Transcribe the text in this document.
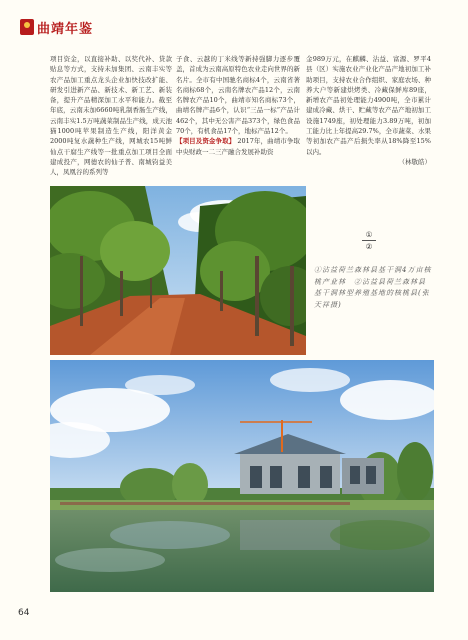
曲靖年鉴

项目资金，以直接补助、以奖代补、贷款贴息等方式，支持未加集团、云南丰实等农产品加工重点龙头企业加快技改扩能、研发引进新产品、新技术、新工艺、新装备，提升产品精深加工水平和能力。截至年底，云南未加6660吨乳制香肠生产线，云南丰实1.5万吨蔬菜制品生产线，成天池猫1000吨苹果制造生产线，阳洋黄金2000吨复水蔬种生产线，网城农15吨鲜仙点干腐生产线等一批重点加工项目全面建成投产，网德农的仙子普、南城钧益美人，凤凰谷的系列等

子食、云越的丁米线等新持强脚力逐步覆盖，首成为云南高原特色农业走向世界的新名片。全市有中国驰名商标4个，云南省著名商标68个，云南名牌农产品12个，云南名牌农产品10个，曲靖市知名商标73个，曲靖名牌产品6个，认识“三品一标”产品计462个，其中无公害产品373个，绿色食品70个，有机食品17个，地标产品12个。

【项目及资金争取】 2017年，曲靖市争取中央财政一二三产融合发展补助资

金989万元，在麒麟、沾益、富源、罗平4县（区）实施农业产业化产品产地初加工补助项目，支持农业合作组织、家庭农场、种养大户等新建烘烤类、冷藏保鲜库89座，新增农产品初处理能力4900吨，全市累计建成冷藏、烘干、贮藏等农产品产地初加工设施1749座，初处理能力3.89万吨，初加工能力比上年提高29.7%，全市蔬菜、水果等初加农产品产后损失率从18%降至15%以内。

（林敬皓）

①
②
①沾益荷兰森林县基干洞4万亩核桃产业林　②沾益县荷兰森林县基干洞林型养殖基地的核桃县(张天祥摄)
64
